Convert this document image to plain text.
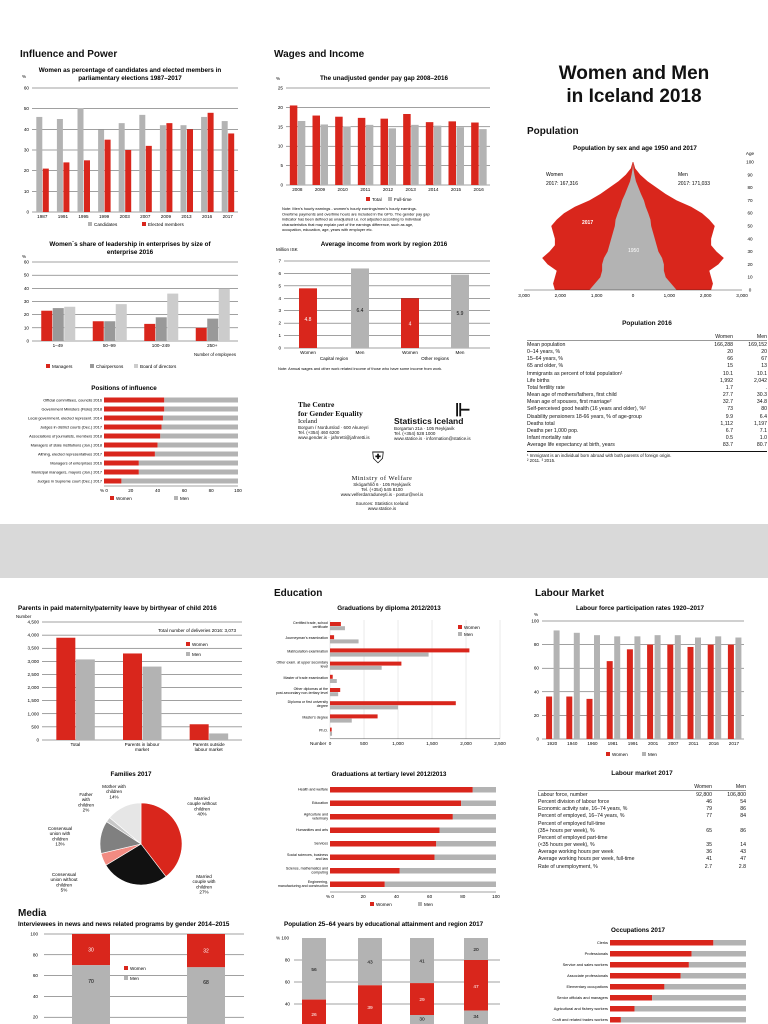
Influence and Power	Wages and Income
Women and Men
in Iceland 2018
Population
Education	Labour Market
Media
Women as percentage of candidates and elected members in
parliamentary elections 1987–2017
%
0
10
20
30
40
50
60
1987 1991 1995 1999 2003 2007 2009 2013 2016 2017
Candidates	Elected members
The unadjusted gender pay gap 2008–2016
%
0
5
10
15
20
25
2008	2009	2010	2011	2012	2013	2014	2015	2016
Total	Full-time
Note: Men's hourly earnings - women's hourly earnings/men's hourly earnings.
Overtime payments and overtime hours are included in the GPG. The gender pay gap
indicator has been defined as unadjusted i.e. not adjusted according to individual
characteristics that may explain part of the earnings difference, such as age,
occupation, education, age, years with employer etc.
Women´s share of leadership in enterprises by size of
enterprise 2016
%
0
10
20
30
40
50
60
1–49	50–99	100–249	250+
Number of employees
Managers	Chairpersons	Board of directors
Average income from work by region 2016
Million ISK
0
1
2
3
4
5
6
7
4.8
Women
6.4
Men
4
Women
5.9
Men
Capital region	Other regions
Note: Annual wages and other work related income of those who have some income from work.
Positions of influence
Official committees, councils 2016
Government Ministers (Fisks) 2018
Local government, elected represent. 2014
Judges in district courts (Dec.) 2017
Associations of journalists, members 2018
Managers of state institutions (Jan.) 2018
Althing, elected representatives 2017
Managers of enterprises 2016
Municipal managers, mayors (Jan.) 2017
Judges in Supreme court (Dec.) 2017
% 0	20	40	60	80	100
Women	Men
Population by sex and age 1950 and 2017
Age
0
10
20
30
40
50
60
70
80
90
100
3,000	2,000	1,000	0	1,000	2,000	3,000
Women
2017: 167,316
Men
2017: 171,033
2017
1950
Parents in paid maternity/paternity leave by birthyear of child 2016
Number
0
500
1,000
1,500
2,000
2,500
3,000
3,500
4,000
4,500
Total	Parents in labour
market
Parents outside
labour market
Total number of deliveries 2016: 3,073
Women
Men
Families 2017
Married
couple without
children
40%
Married
couple with
children
27%
Consensual
union without
children
5%
Consensual
union with
children
13%
Father
with
children
2%
Mother with
children
14%
Graduations by diploma 2012/2013
Certified trade, school
certificate
Journeyman's examination
Matriculation examination
Other exam. at upper secondary
level
Master of trade examination
Other diplomas at the
post-secondary non-tertiary level
Diploma or first university
degree
Master's degree
Ph.D.
0	500	1,000	1,500	2,000	2,500
Number
Women
Men
Graduations at tertiary level 2012/2013
Health and welfare
Education
Agriculture and
veterinary
Humanities and arts
Services
Social sciences, business
and law
Science, mathematics and
computing
Engineering,
manufacturing and construction
% 0	20	40	60	80	100
Women	Men
Labour force participation rates 1920–2017
%
0
20
40
60
80
100
1920 1940 1960 1981 1991 2001 2007 2011 2016 2017
Women	Men
Interviewees in news and news related programs by gender 2014–2015
20
40
60
80
100
30
70
32
68
Women
Men
Population 25–64 years by educational attainment and region 2017
% 100
40
60
80
56
26
43
39
41
29
30
20
47
34
Occupations 2017
Clerks
Professionals
Service and sales workers
Associate professionals
Elementary occupations
Senior officials and managers
Agricultural and fishery workers
Craft and related trades workers
Population 2016
	Women	Men
Mean population	166,288	169,152
0–14 years, %	20	20
15–64 years, %	66	67
65 and older, %	15	13
Immigrants as percent of total population¹	10.1	10.1
Life births	1,992	2,042
Total fertility rate	1.7	.
Mean age of mothers/fathers, first child	27.7	30.3
Mean age of spouses, first marriage²	32.7	34.8
Self-perceived good health (16 years and older), %²	73	80
Disability pensioners 18-66 years, % of age-group	9.9	6.4
Deaths total	1,112	1,197
Deaths per 1,000 pop.	6.7	7.1
Infant mortality rate	0.5	1.0
Average life expectancy at birth, years	83.7	80.7
¹ Immigrant is an individual born abroad with both parents of foreign origin.
² 2011. ³ 2015.
Labour market 2017
	Women	Men
Labour force, number	92,800	106,800
Percent division of labour force	46	54
Economic activity rate, 16–74 years, %	79	86
Percent of employed, 16–74 years, %	77	84
Percent of employed full-time		
(35+ hours per week), %	65	86
Percent of employed part-time		
(<35 hours per week), %	35	14
Average working hours per week	36	43
Average working hours per week, full-time	41	47
Rate of unemployment, %	2.7	2.8
The Centre
for Gender Equality
Iceland
Borgum / Nordurslod · 600 Akureyri
Tel. (+354) 460 6200
www.gender.is · jafnretti@jafnretti.is
Statistics Iceland
Borgartun 21a · 105 Reykjavik
Tel. (+354) 528 1000
www.statice.is · information@statice.is
⊩
⛨
Ministry of Welfare
Skógarhlíð 6 · 105 Reykjavík
Tel. (+354) 545 8100
www.velferdarraduneyti.is · postur@vel.is
Sources: Statistics Iceland
www.statice.is
